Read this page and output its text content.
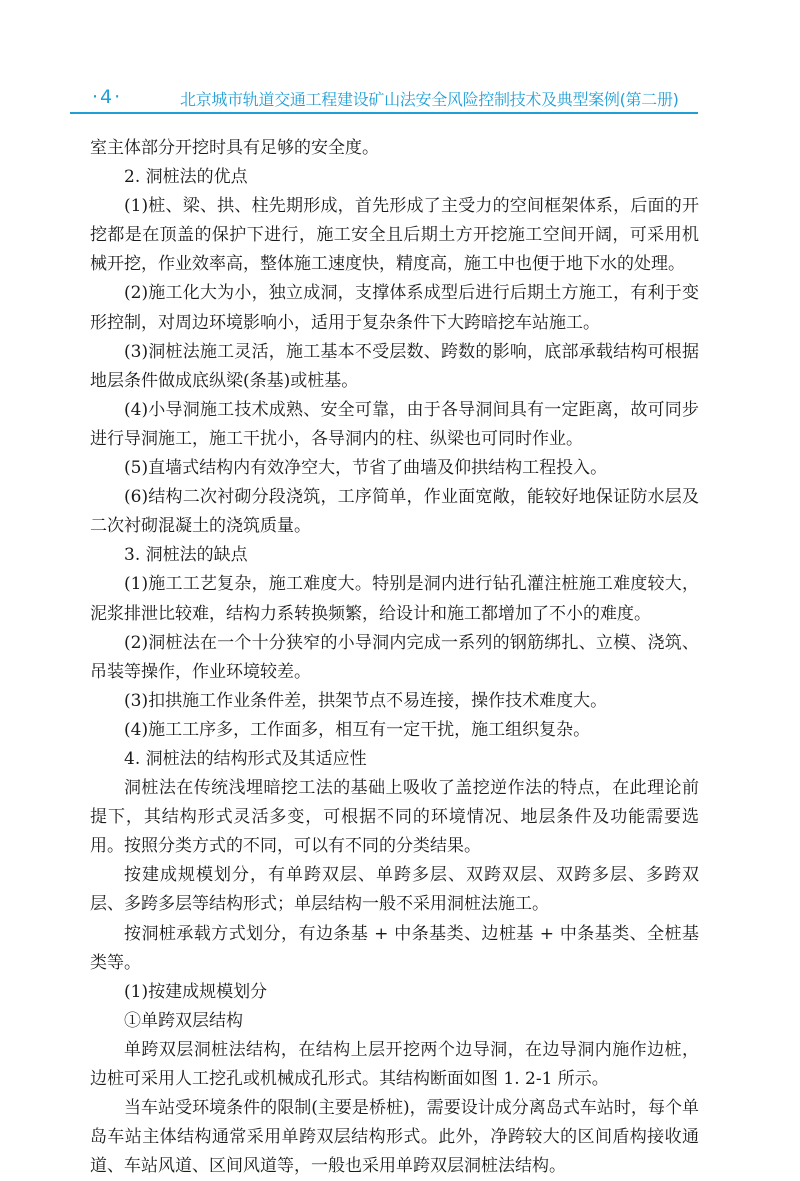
·4·	北京城市轨道交通工程建设矿山法安全风险控制技术及典型案例(第二册)

室主体部分开挖时具有足够的安全度。

2. 洞桩法的优点

(1)桩、梁、拱、柱先期形成，首先形成了主受力的空间框架体系，后面的开挖都是在顶盖的保护下进行，施工安全且后期土方开挖施工空间开阔，可采用机械开挖，作业效率高，整体施工速度快，精度高，施工中也便于地下水的处理。

(2)施工化大为小，独立成洞，支撑体系成型后进行后期土方施工，有利于变形控制，对周边环境影响小，适用于复杂条件下大跨暗挖车站施工。

(3)洞桩法施工灵活，施工基本不受层数、跨数的影响，底部承载结构可根据地层条件做成底纵梁(条基)或桩基。

(4)小导洞施工技术成熟、安全可靠，由于各导洞间具有一定距离，故可同步进行导洞施工，施工干扰小，各导洞内的柱、纵梁也可同时作业。

(5)直墙式结构内有效净空大，节省了曲墙及仰拱结构工程投入。

(6)结构二次衬砌分段浇筑，工序简单，作业面宽敞，能较好地保证防水层及二次衬砌混凝土的浇筑质量。

3. 洞桩法的缺点

(1)施工工艺复杂，施工难度大。特别是洞内进行钻孔灌注桩施工难度较大，泥浆排泄比较难，结构力系转换频繁，给设计和施工都增加了不小的难度。

(2)洞桩法在一个十分狭窄的小导洞内完成一系列的钢筋绑扎、立模、浇筑、吊装等操作，作业环境较差。

(3)扣拱施工作业条件差，拱架节点不易连接，操作技术难度大。

(4)施工工序多，工作面多，相互有一定干扰，施工组织复杂。

4. 洞桩法的结构形式及其适应性

洞桩法在传统浅埋暗挖工法的基础上吸收了盖挖逆作法的特点，在此理论前提下，其结构形式灵活多变，可根据不同的环境情况、地层条件及功能需要选用。按照分类方式的不同，可以有不同的分类结果。

按建成规模划分，有单跨双层、单跨多层、双跨双层、双跨多层、多跨双层、多跨多层等结构形式；单层结构一般不采用洞桩法施工。

按洞桩承载方式划分，有边条基 + 中条基类、边桩基 + 中条基类、全桩基类等。

(1)按建成规模划分

①单跨双层结构

单跨双层洞桩法结构，在结构上层开挖两个边导洞，在边导洞内施作边桩，边桩可采用人工挖孔或机械成孔形式。其结构断面如图 1. 2-1 所示。

当车站受环境条件的限制(主要是桥桩)，需要设计成分离岛式车站时，每个单岛车站主体结构通常采用单跨双层结构形式。此外，净跨较大的区间盾构接收通道、车站风道、区间风道等，一般也采用单跨双层洞桩法结构。
